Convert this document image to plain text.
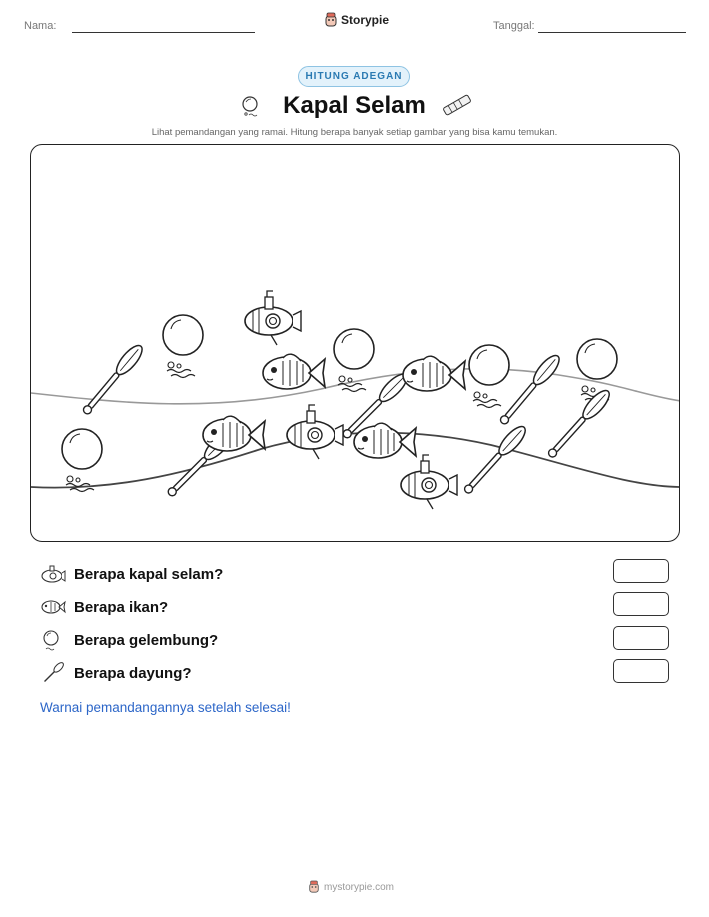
Nama:	Storypie	Tanggal:
HITUNG ADEGAN
Kapal Selam
Lihat pemandangan yang ramai. Hitung berapa banyak setiap gambar yang bisa kamu temukan.
Berapa kapal selam?
Berapa ikan?
Berapa gelembung?
Berapa dayung?
Warnai pemandangannya setelah selesai!
mystorypie.com
